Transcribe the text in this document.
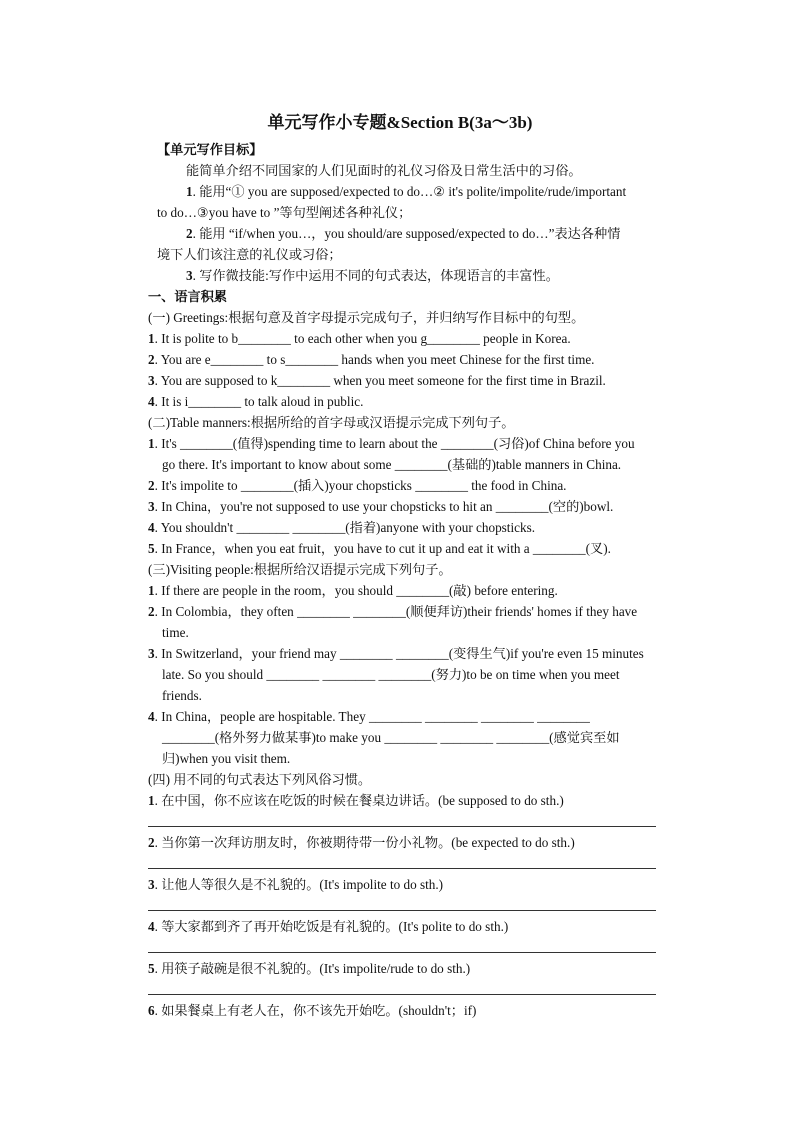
单元写作小专题&Section B(3a～3b)
【单元写作目标】
能简单介绍不同国家的人们见面时的礼仪习俗及日常生活中的习俗。
1. 能用“① you are supposed/expected to do…② it's polite/impolite/rude/important
to do…③you have to ”等句型阐述各种礼仪；
2. 能用 “if/when you…，you should/are supposed/expected to do…”表达各种情
境下人们该注意的礼仪或习俗；
3. 写作微技能:写作中运用不同的句式表达，体现语言的丰富性。
一、语言积累
(一) Greetings:根据句意及首字母提示完成句子，并归纳写作目标中的句型。
1. It is polite to b________ to each other when you g________ people in Korea.
2. You are e________ to s________ hands when you meet Chinese for the first time.
3. You are supposed to k________ when you meet someone for the first time in Brazil.
4. It is i________ to talk aloud in public.
(二)Table manners:根据所给的首字母或汉语提示完成下列句子。
1. It's ________(值得)spending time to learn about the ________(习俗)of China before you
go there. It's important to know about some ________(基础的)table manners in China.
2. It's impolite to ________(插入)your chopsticks ________ the food in China.
3. In China，you're not supposed to use your chopsticks to hit an ________(空的)bowl.
4. You shouldn't ________ ________(指着)anyone with your chopsticks.
5. In France，when you eat fruit，you have to cut it up and eat it with a ________(叉).
(三)Visiting people:根据所给汉语提示完成下列句子。
1. If there are people in the room，you should ________(敲) before entering.
2. In Colombia，they often ________ ________(顺便拜访)their friends' homes if they have
time.
3. In Switzerland，your friend may ________ ________(变得生气)if you're even 15 minutes
late. So you should ________ ________ ________(努力)to be on time when you meet
friends.
4. In China，people are hospitable. They ________ ________ ________ ________
________(格外努力做某事)to make you ________ ________ ________(感觉宾至如
归)when you visit them.
(四) 用不同的句式表达下列风俗习惯。
1. 在中国，你不应该在吃饭的时候在餐桌边讲话。(be supposed to do sth.)
2. 当你第一次拜访朋友时，你被期待带一份小礼物。(be expected to do sth.)
3. 让他人等很久是不礼貌的。(It's impolite to do sth.)
4. 等大家都到齐了再开始吃饭是有礼貌的。(It's polite to do sth.)
5. 用筷子敲碗是很不礼貌的。(It's impolite/rude to do sth.)
6. 如果餐桌上有老人在，你不该先开始吃。(shouldn't；if)
